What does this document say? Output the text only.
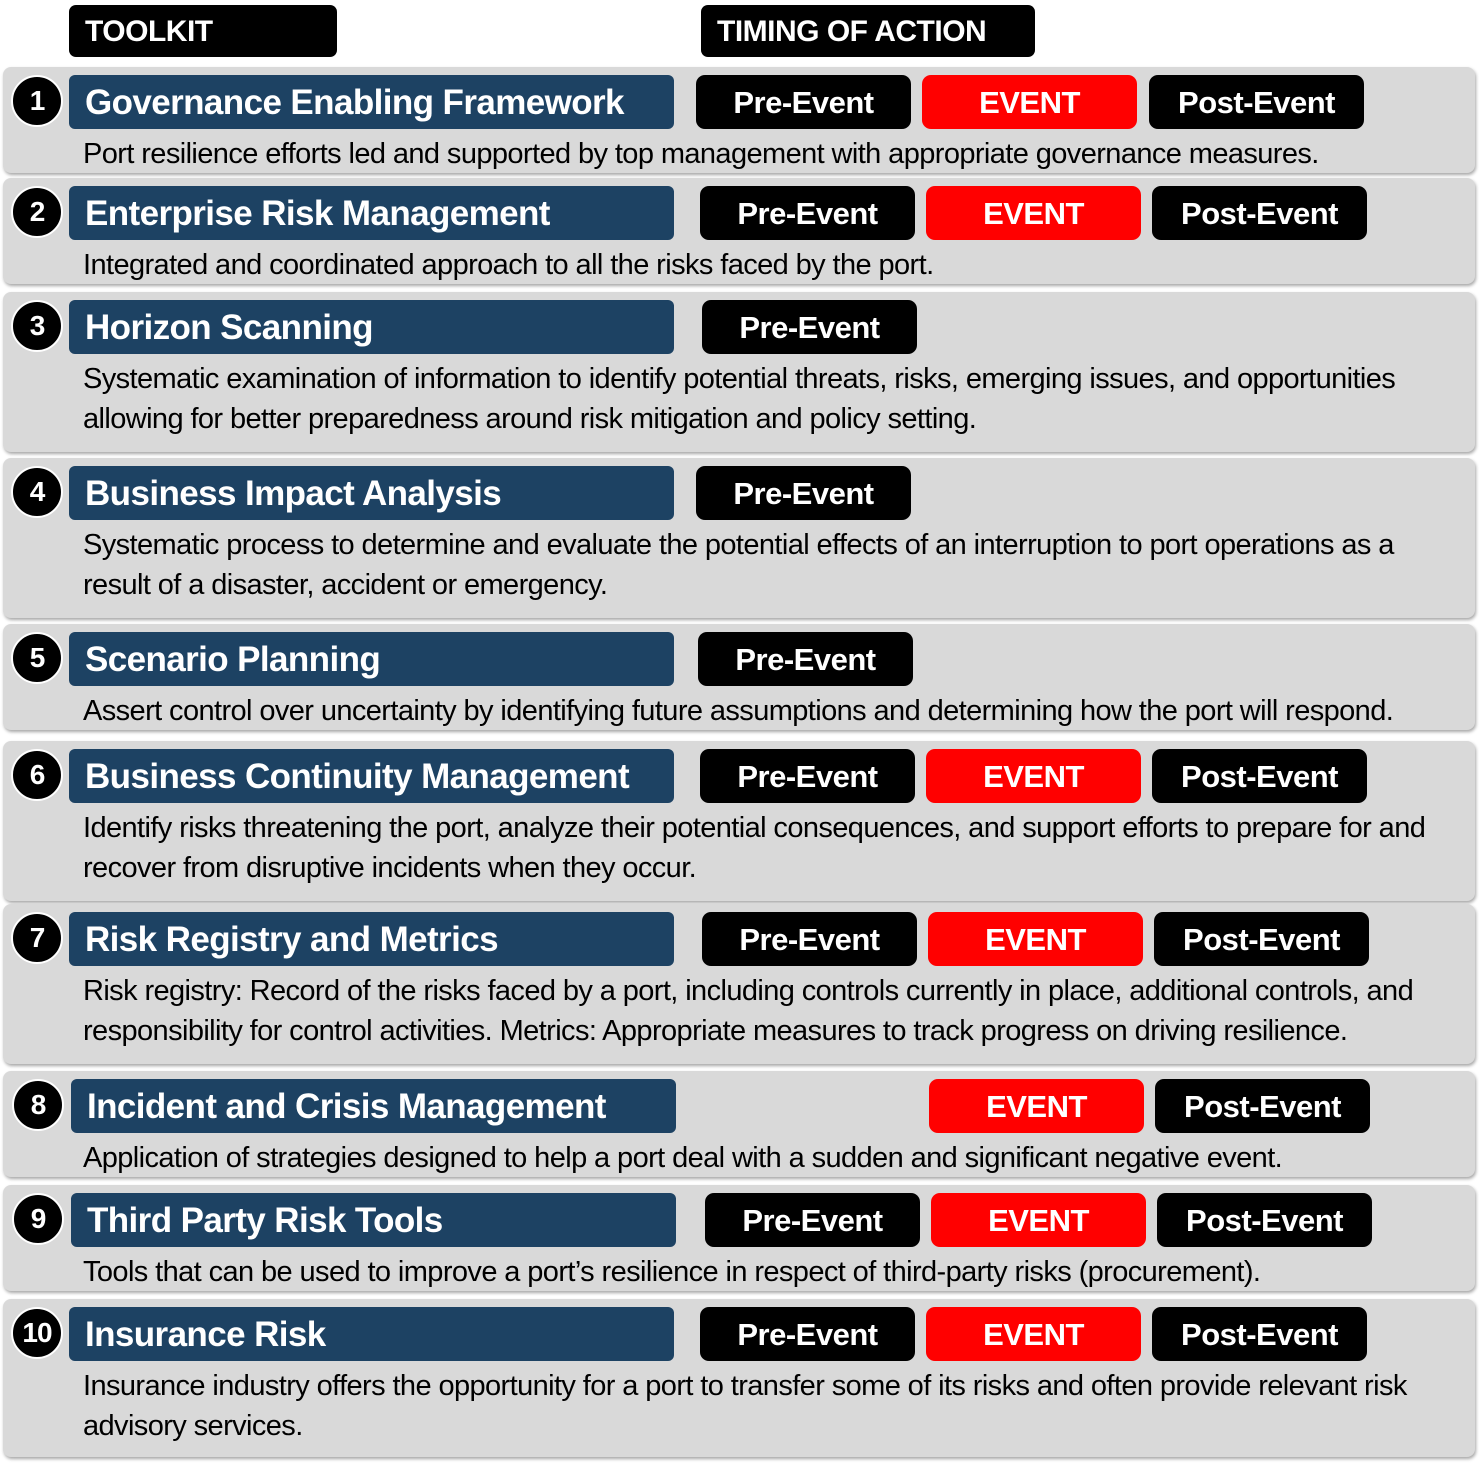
TOOLKIT	TIMING OF ACTION
1	Governance Enabling Framework	Pre-Event	EVENT	Post-Event
Port resilience efforts led and supported by top management with appropriate governance measures.
2	Enterprise Risk Management	Pre-Event	EVENT	Post-Event
Integrated and coordinated approach to all the risks faced by the port.
3	Horizon Scanning	Pre-Event
Systematic examination of information to identify potential threats, risks, emerging issues, and opportunities allowing for better preparedness around risk mitigation and policy setting.
4	Business Impact Analysis	Pre-Event
Systematic process to determine and evaluate the potential effects of an interruption to port operations as a result of a disaster, accident or emergency.
5	Scenario Planning	Pre-Event
Assert control over uncertainty by identifying future assumptions and determining how the port will respond.
6	Business Continuity Management	Pre-Event	EVENT	Post-Event
Identify risks threatening the port, analyze their potential consequences, and support efforts to prepare for and recover from disruptive incidents when they occur.
7	Risk Registry and Metrics	Pre-Event	EVENT	Post-Event
Risk registry: Record of the risks faced by a port, including controls currently in place, additional controls, and responsibility for control activities. Metrics: Appropriate measures to track progress on driving resilience.
8	Incident and Crisis Management	EVENT	Post-Event
Application of strategies designed to help a port deal with a sudden and significant negative event.
9	Third Party Risk Tools	Pre-Event	EVENT	Post-Event
Tools that can be used to improve a port’s resilience in respect of third-party risks (procurement).
10 Insurance Risk	Pre-Event	EVENT	Post-Event
Insurance industry offers the opportunity for a port to transfer some of its risks and often provide relevant risk advisory services.
